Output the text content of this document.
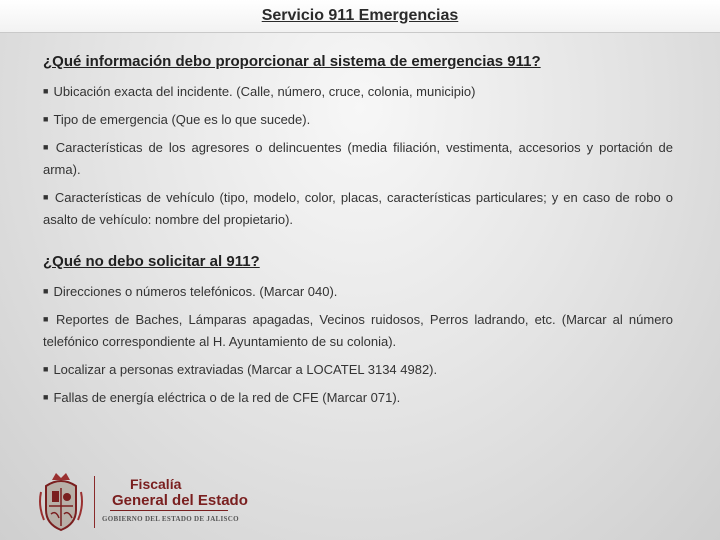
Servicio 911 Emergencias

¿Qué información debo proporcionar al sistema de emergencias 911?

■ Ubicación exacta del incidente. (Calle, número, cruce, colonia, municipio)

■ Tipo de emergencia (Que es lo que sucede).

■ Características de los agresores o delincuentes (media filiación, vestimenta, accesorios y portación de arma).

■ Características de vehículo (tipo, modelo, color, placas, características particulares; y en caso de robo o asalto de vehículo: nombre del propietario).

¿Qué no debo solicitar al 911?

■ Direcciones o números telefónicos. (Marcar 040).

■ Reportes de Baches, Lámparas apagadas, Vecinos ruidosos, Perros ladrando, etc. (Marcar al número telefónico correspondiente al H. Ayuntamiento de su colonia).

■ Localizar a personas extraviadas (Marcar a LOCATEL 3134 4982).

■ Fallas de energía eléctrica o de la red de CFE (Marcar 071).

Fiscalía
General del Estado
GOBIERNO DEL ESTADO DE JALISCO
